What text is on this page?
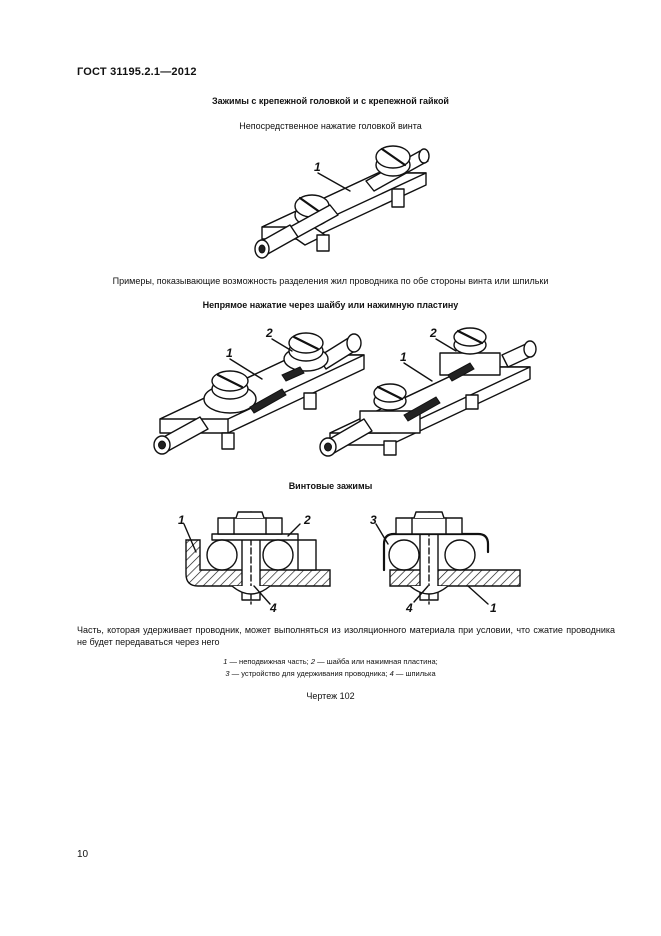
ГОСТ 31195.2.1—2012
Зажимы с крепежной головкой и с крепежной гайкой
Непосредственное нажатие головкой винта
1
Примеры, показывающие возможность разделения жил проводника по обе стороны винта или шпильки
Непрямое нажатие через шайбу или нажимную пластину
1
2
1
2
Винтовые зажимы
1	2
4
3
4	1
Часть, которая удерживает проводник, может выполняться из изоляционного материала при условии, что сжатие проводника не будет передаваться через него
1 — неподвижная часть; 2 — шайба или нажимная пластина;
3 — устройство для удерживания проводника; 4 — шпилька
Чертеж 102
10
